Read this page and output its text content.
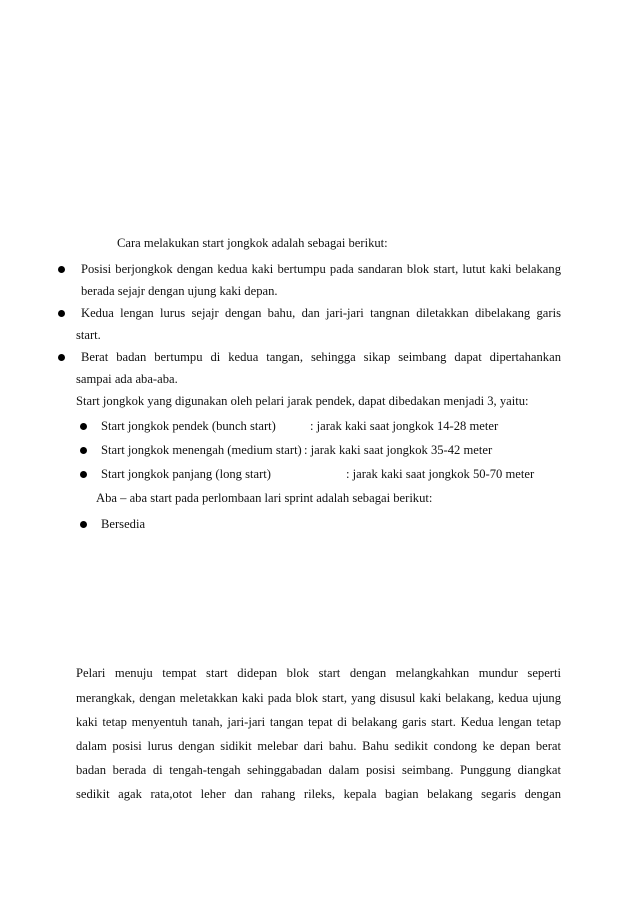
Cara melakukan start jongkok adalah sebagai berikut:
Posisi berjongkok dengan kedua kaki bertumpu pada sandaran blok start, lutut kaki belakang
berada sejajr dengan ujung kaki depan.
Kedua lengan lurus sejajr dengan bahu, dan jari-jari tangnan diletakkan dibelakang garis
start.
Berat badan bertumpu di kedua tangan, sehingga sikap seimbang dapat dipertahankan
sampai ada aba-aba.
Start jongkok yang digunakan oleh pelari jarak pendek, dapat dibedakan menjadi 3, yaitu:
Start jongkok pendek (bunch start)	: jarak kaki saat jongkok 14-28 meter
Start jongkok menengah (medium start) : jarak kaki saat jongkok 35-42 meter
Start jongkok panjang (long start)	: jarak kaki saat jongkok 50-70 meter
Aba – aba start pada perlombaan lari sprint adalah sebagai berikut:
Bersedia
Pelari menuju tempat start didepan blok start dengan melangkahkan mundur seperti
merangkak, dengan meletakkan kaki pada blok start, yang disusul kaki belakang, kedua ujung
kaki tetap menyentuh tanah, jari-jari tangan tepat di belakang garis start. Kedua lengan tetap
dalam posisi lurus dengan sidikit melebar dari bahu. Bahu sedikit condong ke depan berat
badan berada di tengah-tengah sehinggabadan dalam posisi seimbang. Punggung diangkat
sedikit agak rata,otot leher dan rahang rileks, kepala bagian belakang segaris dengan
